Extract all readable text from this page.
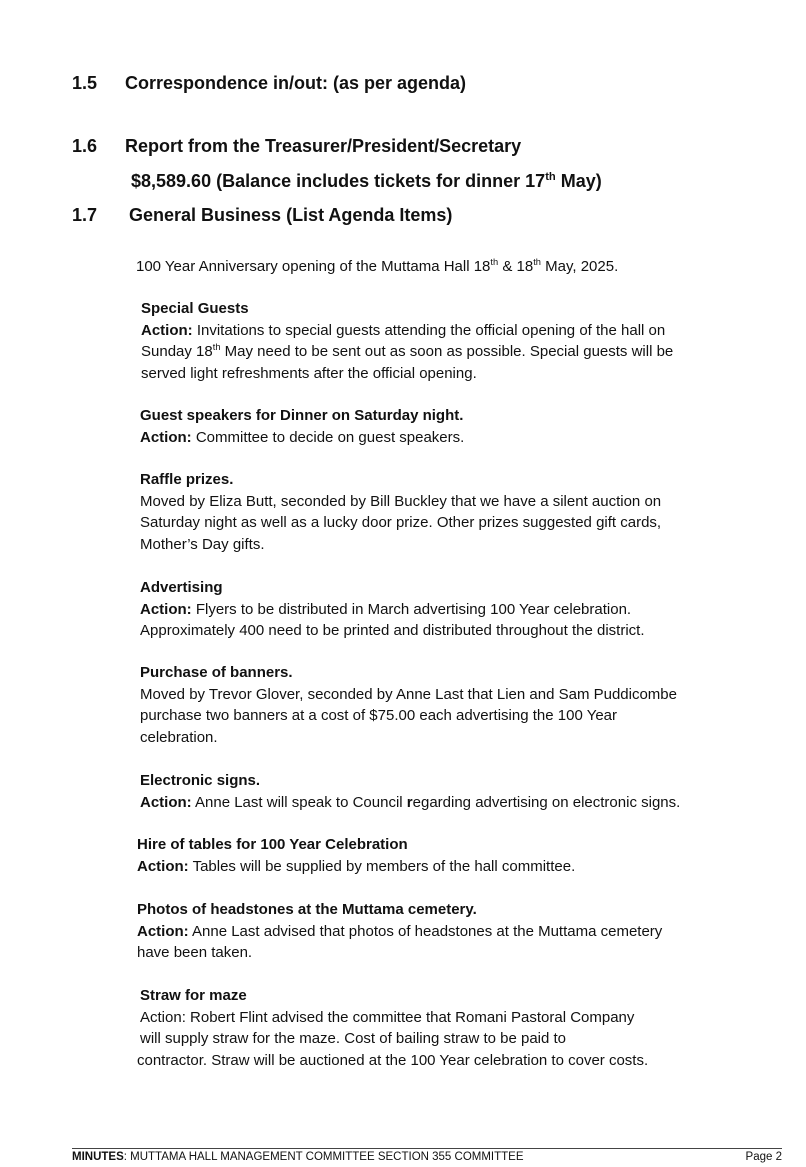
1.5 Correspondence in/out: (as per agenda)
1.6 Report from the Treasurer/President/Secretary
$8,589.60 (Balance includes tickets for dinner 17th May)
1.7 General Business (List Agenda Items)
100 Year Anniversary opening of the Muttama Hall 18th & 18th May, 2025.
Special Guests
Action: Invitations to special guests attending the official opening of the hall on
Sunday 18th May need to be sent out as soon as possible. Special guests will be
served light refreshments after the official opening.
Guest speakers for Dinner on Saturday night.
Action: Committee to decide on guest speakers.
Raffle prizes.
Moved by Eliza Butt, seconded by Bill Buckley that we have a silent auction on
Saturday night as well as a lucky door prize. Other prizes suggested gift cards,
Mother’s Day gifts.
Advertising
Action: Flyers to be distributed in March advertising 100 Year celebration.
Approximately 400 need to be printed and distributed throughout the district.
Purchase of banners.
Moved by Trevor Glover, seconded by Anne Last that Lien and Sam Puddicombe
purchase two banners at a cost of $75.00 each advertising the 100 Year
celebration.
Electronic signs.
Action: Anne Last will speak to Council regarding advertising on electronic signs.
Hire of tables for 100 Year Celebration
Action: Tables will be supplied by members of the hall committee.
Photos of headstones at the Muttama cemetery.
Action: Anne Last advised that photos of headstones at the Muttama cemetery
have been taken.
Straw for maze
Action: Robert Flint advised the committee that Romani Pastoral Company
will supply straw for the maze. Cost of bailing straw to be paid to
contractor. Straw will be auctioned at the 100 Year celebration to cover costs.
MINUTES: MUTTAMA HALL MANAGEMENT COMMITTEE SECTION 355 COMMITTEE	Page 2
